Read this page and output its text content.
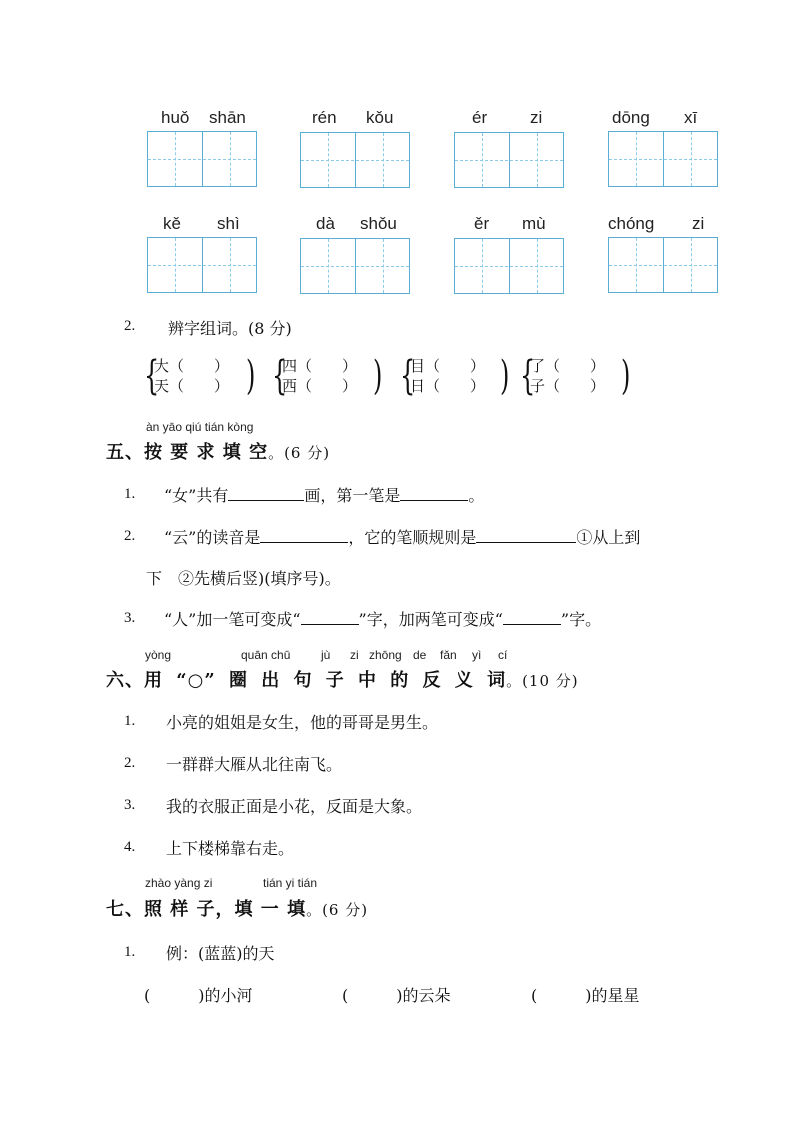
huǒ shān	rén kǒu	ér	zi	dōng xī
kě shì	dà shǒu	ěr mù	chóng zi
2. 辨字组词。(8 分)
{
大（　　）
天（　　） ) {
四（　　）
西（　　） ) {
目（　　）
日（　　） ) {
了（　　）
子（　　） )
àn yāo qiú tián kòng
五、按 要 求 填 空。(6 分)
1. “女”共有	画，第一笔是	。
2. “云”的读音是	，它的笔顺规则是	①从上到
下　②先横后竖)(填序号)。
3. “人”加一笔可变成“	”字，加两笔可变成“	”字。
yòng	quān chū	jù zi zhōng de fǎn yì cí
六、用 “○” 圈 出 句 子 中 的 反 义 词。(10 分)
1. 小亮的姐姐是女生，他的哥哥是男生。
2. 一群群大雁从北往南飞。
3. 我的衣服正面是小花，反面是大象。
4. 上下楼梯靠右走。
zhào yàng zi	tián yi tián
七、照 样 子，填 一 填。(6 分)
1. 例：(蓝蓝)的天
(　　　)的小河	(　　　)的云朵	(　　　)的星星
